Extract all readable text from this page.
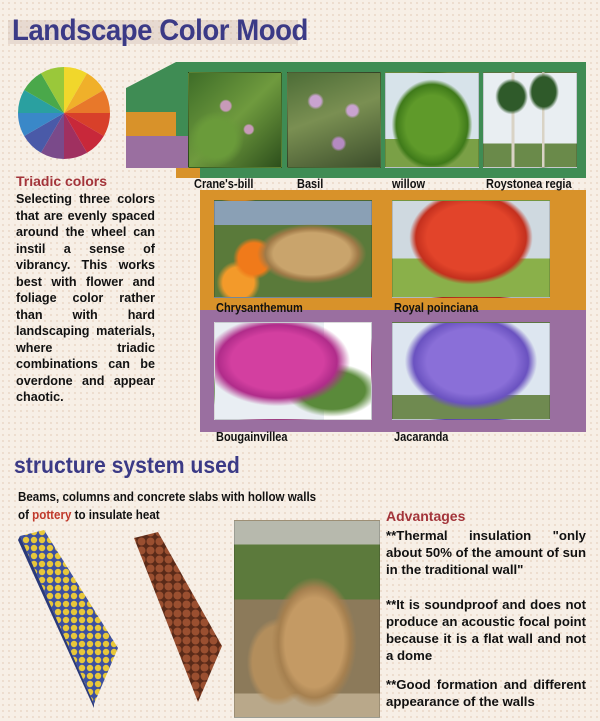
Landscape Color Mood
Crane's-bill	Basil	willow	Roystonea regia
Chrysanthemum	Royal poinciana
Bougainvillea	Jacaranda
Triadic colors
Selecting three colors that are evenly spaced around the wheel can instil a sense of vibrancy. This works best with flower and foliage color rather than with hard landscaping materials, where triadic combinations can be overdone and appear chaotic.
structure system used
Beams, columns and concrete slabs with hollow walls
of pottery to insulate heat	Advantages
**Thermal insulation "only about 50% of the amount of sun in the traditional wall"
**It is soundproof and does not produce an acoustic focal point because it is a flat wall and not a dome
**Good formation and different appearance of the walls
